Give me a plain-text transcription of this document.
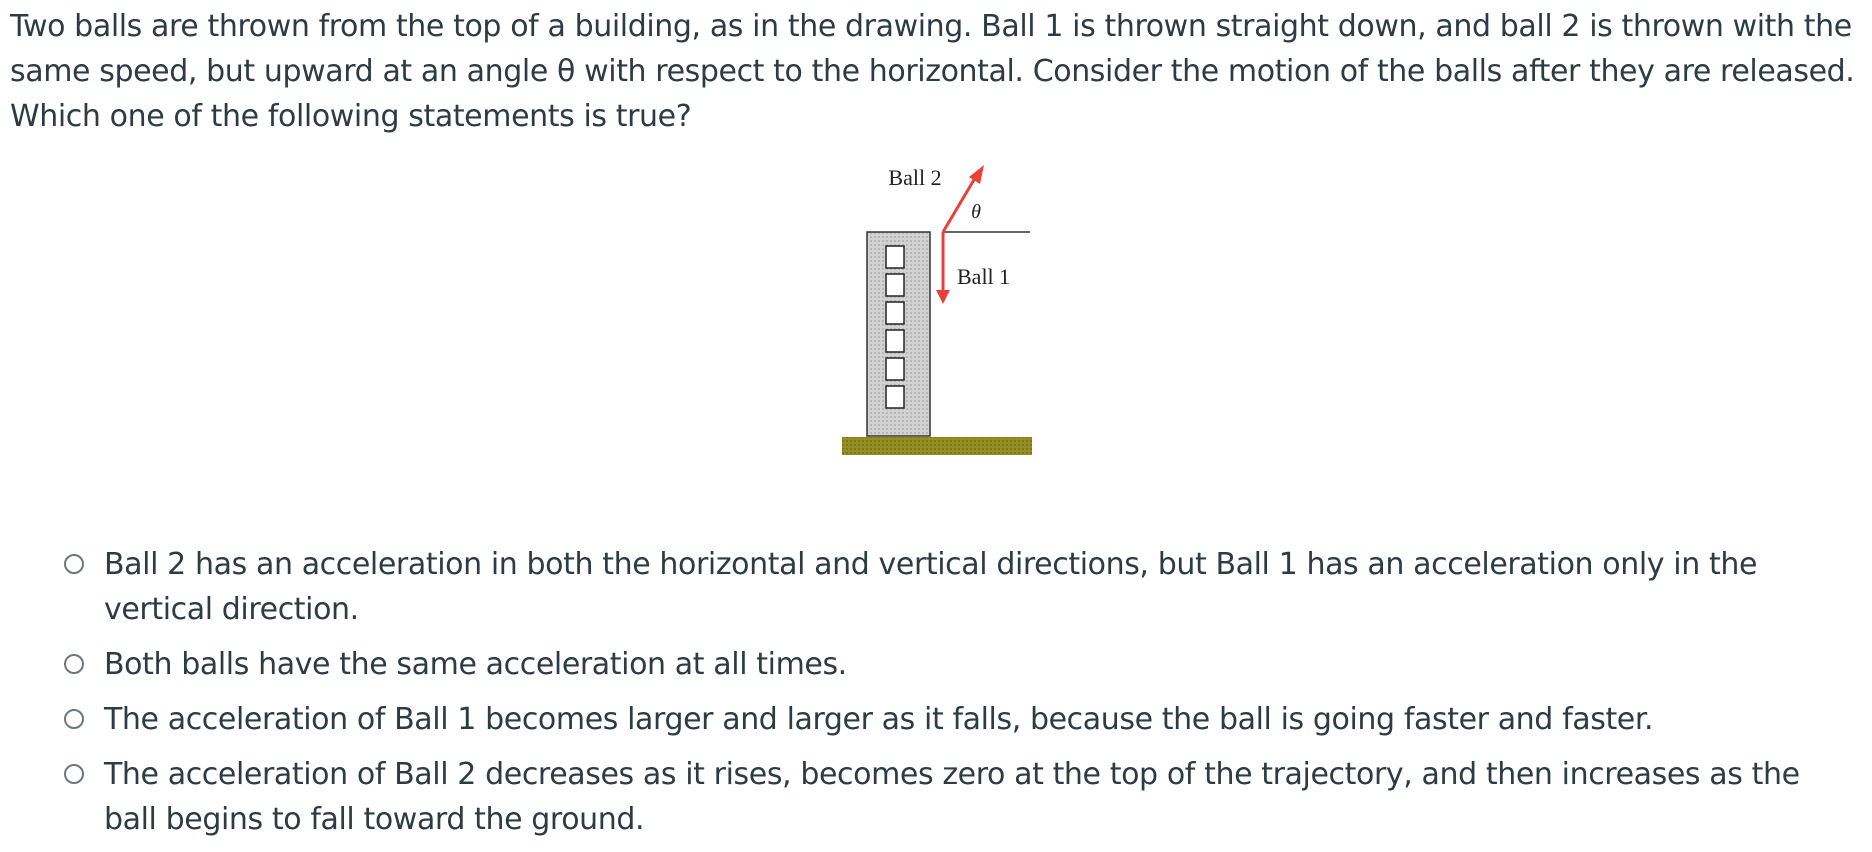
Two balls are thrown from the top of a building, as in the drawing. Ball 1 is thrown straight down, and ball 2 is thrown with the same speed, but upward at an angle θ with respect to the horizontal. Consider the motion of the balls after they are released. Which one of the following statements is true?

Ball 2
θ
Ball 1
Ball 2 has an acceleration in both the horizontal and vertical directions, but Ball 1 has an acceleration only in the vertical direction.
Both balls have the same acceleration at all times.
The acceleration of Ball 1 becomes larger and larger as it falls, because the ball is going faster and faster.
The acceleration of Ball 2 decreases as it rises, becomes zero at the top of the trajectory, and then increases as the ball begins to fall toward the ground.
